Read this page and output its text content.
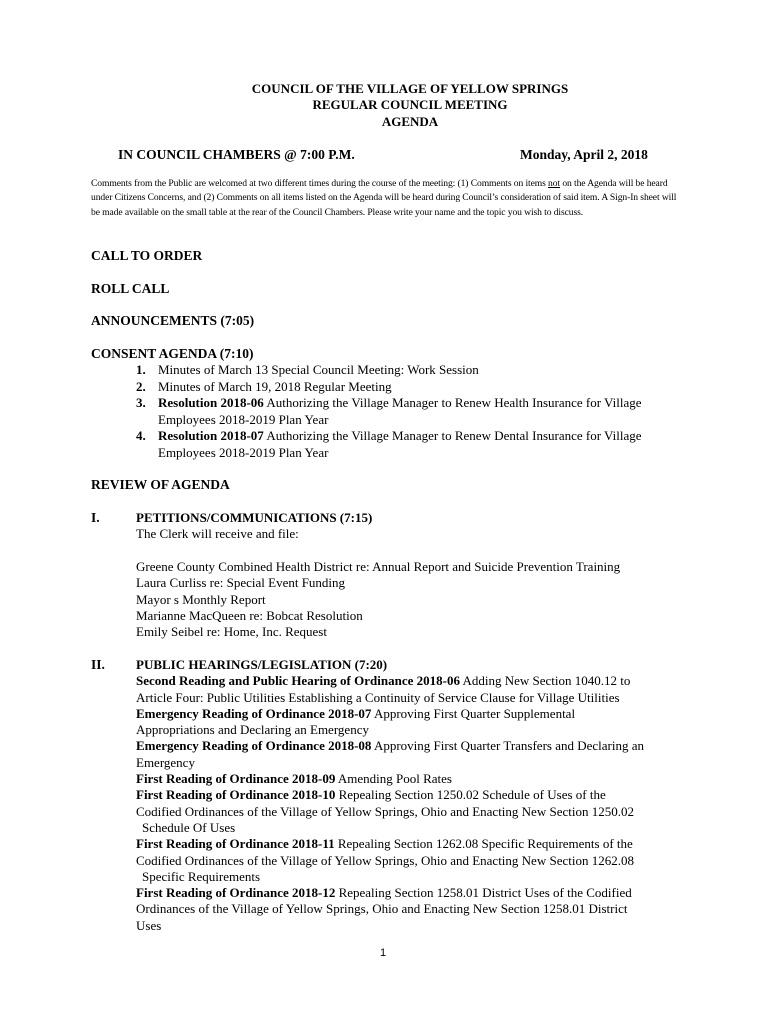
COUNCIL OF THE VILLAGE OF YELLOW SPRINGS
REGULAR COUNCIL MEETING
AGENDA
IN COUNCIL CHAMBERS @ 7:00 P.M.	Monday, April 2, 2018
Comments from the Public are welcomed at two different times during the course of the meeting: (1) Comments on items not on the Agenda will be heard under Citizens Concerns, and (2) Comments on all items listed on the Agenda will be heard during Council’s consideration of said item. A Sign-In sheet will be made available on the small table at the rear of the Council Chambers. Please write your name and the topic you wish to discuss.
CALL TO ORDER
ROLL CALL
ANNOUNCEMENTS (7:05)
CONSENT AGENDA (7:10)
1. Minutes of March 13 Special Council Meeting: Work Session
2. Minutes of March 19, 2018 Regular Meeting
3. Resolution 2018-06 Authorizing the Village Manager to Renew Health Insurance for Village Employees 2018-2019 Plan Year
4. Resolution 2018-07 Authorizing the Village Manager to Renew Dental Insurance for Village Employees 2018-2019 Plan Year
REVIEW OF AGENDA
I.	PETITIONS/COMMUNICATIONS (7:15)
The Clerk will receive and file:
Greene County Combined Health District re: Annual Report and Suicide Prevention Training
Laura Curliss re: Special Event Funding
Mayor s Monthly Report
Marianne MacQueen re: Bobcat Resolution
Emily Seibel re: Home, Inc. Request
II. PUBLIC HEARINGS/LEGISLATION (7:20)
Second Reading and Public Hearing of Ordinance 2018-06 Adding New Section 1040.12 to
Article Four: Public Utilities Establishing a Continuity of Service Clause for Village Utilities
Emergency Reading of Ordinance 2018-07 Approving First Quarter Supplemental
Appropriations and Declaring an Emergency
Emergency Reading of Ordinance 2018-08 Approving First Quarter Transfers and Declaring an
Emergency
First Reading of Ordinance 2018-09 Amending Pool Rates
First Reading of Ordinance 2018-10 Repealing Section 1250.02 Schedule of Uses of the
Codified Ordinances of the Village of Yellow Springs, Ohio and Enacting New Section 1250.02
Schedule Of Uses
First Reading of Ordinance 2018-11 Repealing Section 1262.08 Specific Requirements of the
Codified Ordinances of the Village of Yellow Springs, Ohio and Enacting New Section 1262.08
Specific Requirements
First Reading of Ordinance 2018-12 Repealing Section 1258.01 District Uses of the Codified
Ordinances of the Village of Yellow Springs, Ohio and Enacting New Section 1258.01 District
Uses
1
